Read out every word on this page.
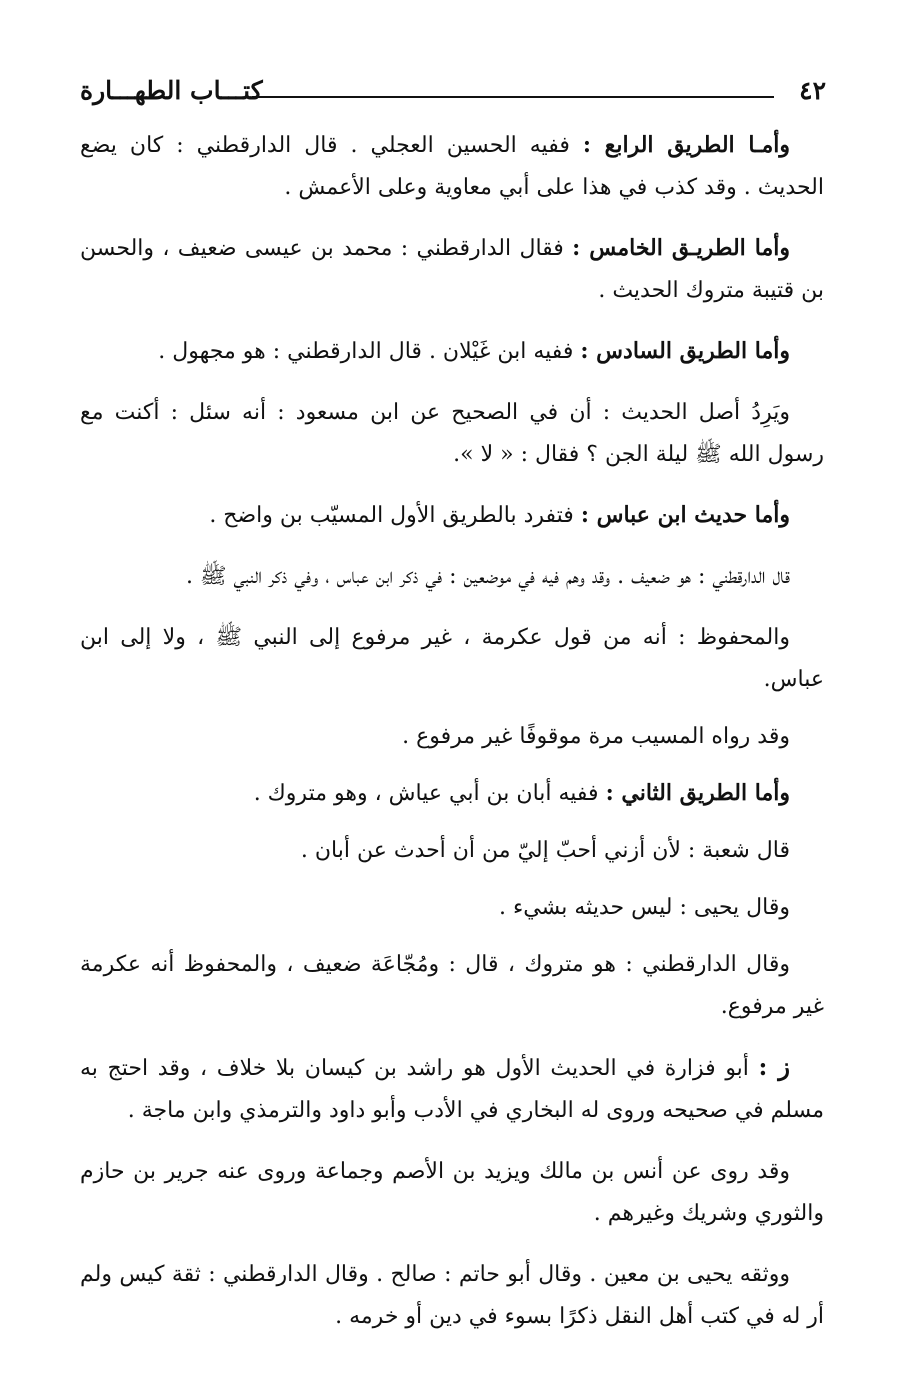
٤٢
كتـــاب الطهـــارة

وأمـا الطريق الرابع : ففيه الحسين العجلي . قال الدارقطني : كان يضع الحديث . وقد كذب في هذا على أبي معاوية وعلى الأعمش .

وأما الطريـق الخامس : فقال الدارقطني : محمد بن عيسى ضعيف ، والحسن بن قتيبة متروك الحديث .

وأما الطريق السادس : ففيه ابن غَيْلان . قال الدارقطني : هو مجهول .

ويَرِدُ أصل الحديث : أن في الصحيح عن ابن مسعود : أنه سئل : أكنت مع رسول الله ﷺ ليلة الجن ؟ فقال : « لا ».

وأما حديث ابن عباس : فتفرد بالطريق الأول المسيّب بن واضح .

قال الدارقطني : هو ضعيف . وقد وهم فيه في موضعين : في ذكر ابن عباس ، وفي ذكر النبي ﷺ .

والمحفوظ : أنه من قول عكرمة ، غير مرفوع إلى النبي ﷺ ، ولا إلى ابن عباس.

وقد رواه المسيب مرة موقوفًا غير مرفوع .

وأما الطريق الثاني : ففيه أبان بن أبي عياش ، وهو متروك .

قال شعبة : لأن أزني أحبّ إليّ من أن أحدث عن أبان .

وقال يحيى : ليس حديثه بشيء .

وقال الدارقطني : هو متروك ، قال : ومُجّاعَة ضعيف ، والمحفوظ أنه عكرمة غير مرفوع.

ز : أبو فزارة في الحديث الأول هو راشد بن كيسان بلا خلاف ، وقد احتج به مسلم في صحيحه وروى له البخاري في الأدب وأبو داود والترمذي وابن ماجة .

وقد روى عن أنس بن مالك ويزيد بن الأصم وجماعة وروى عنه جرير بن حازم والثوري وشريك وغيرهم .

ووثقه يحيى بن معين . وقال أبو حاتم : صالح . وقال الدارقطني : ثقة كيس ولم أر له في كتب أهل النقل ذكرًا بسوء في دين أو خرمه .
